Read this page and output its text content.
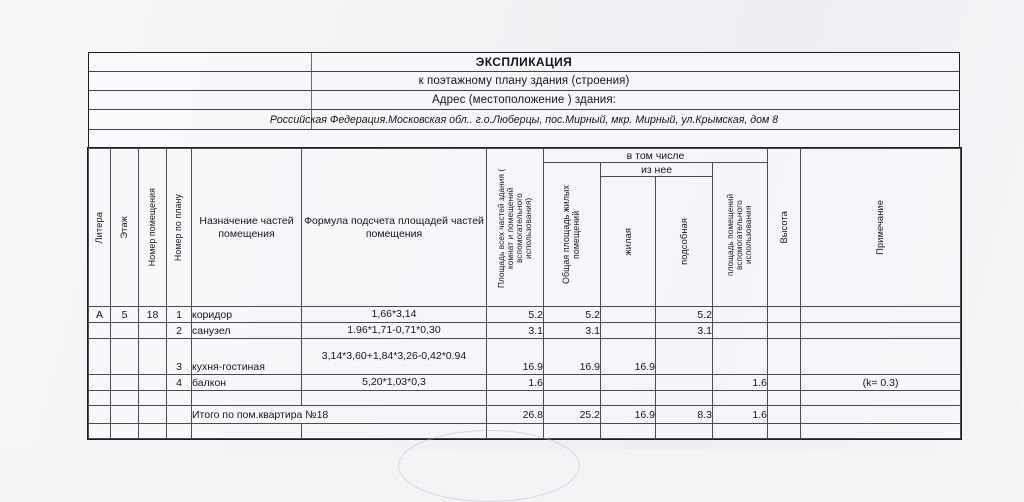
ЭКСПЛИКАЦИЯ
к поэтажному плану здания (строения)
Адрес (местоположение ) здания:
Российская Федерация.Московская обл.. г.о.Люберцы, пос.Мирный, мкр. Мирный, ул.Крымская, дом 8
Литера	Этаж	Номер помещения	Номер по плану	Назначение частей помещения	Формула подсчета площадей частей помещения	Площадь всех частей здания ( комнат и помещений вспомогательного использования)	в том числе				Высота	Примечание

							Общая площадь жилых помещений	из нее		площадь помещений вспомогательного использования		

								жилая	подсобная			

А	5	18	1	коридор	1,66*3,14	5.2	5.2		5.2			
			2	санузел	1.96*1,71-0,71*0,30	3.1	3.1		3.1			
			3	кухня-гостиная	3,14*3,60+1,84*3,26-0,42*0.94	16.9	16.9	16.9				
			4	балкон	5,20*1,03*0,3	1.6				1.6		(k= 0.3)

				Итого по пом.квартира №18		26.8	25.2	16.9	8.3	1.6		
